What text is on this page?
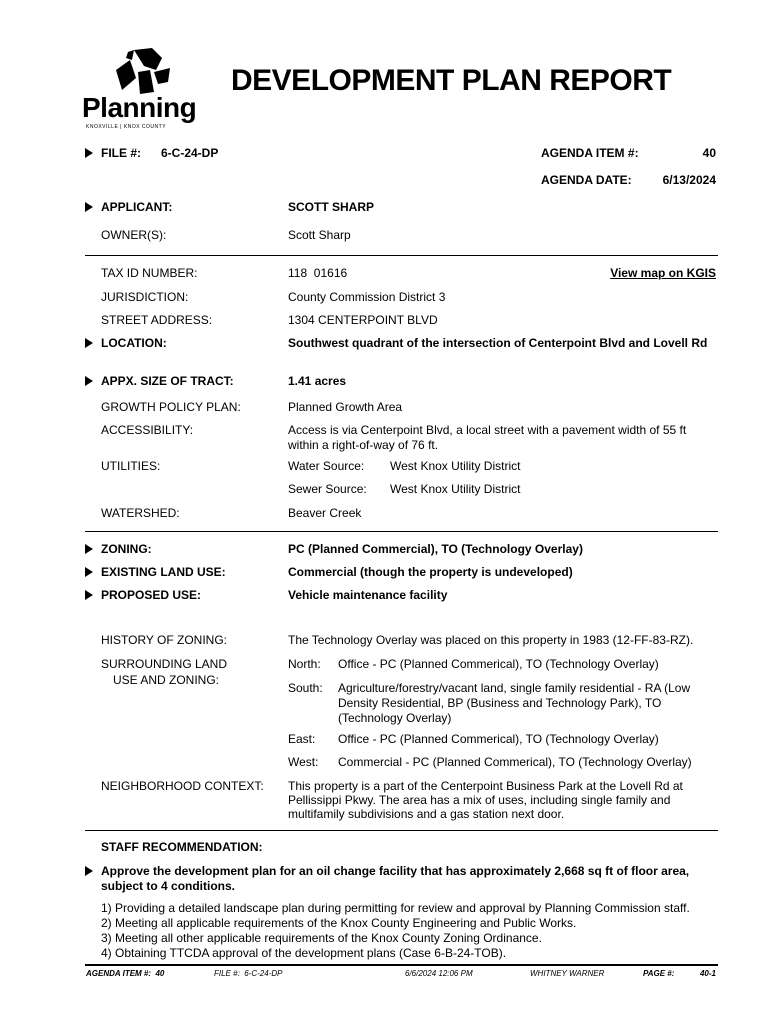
Planning
KNOXVILLE | KNOX COUNTY
DEVELOPMENT PLAN REPORT
FILE #: 6-C-24-DP	AGENDA ITEM #:	40
AGENDA DATE:	6/13/2024
APPLICANT:	SCOTT SHARP
OWNER(S):	Scott Sharp
TAX ID NUMBER:	118  01616	View map on KGIS
JURISDICTION:	County Commission District 3
STREET ADDRESS:	1304 CENTERPOINT BLVD
LOCATION:	Southwest quadrant of the intersection of Centerpoint Blvd and Lovell Rd
APPX. SIZE OF TRACT:	1.41 acres
GROWTH POLICY PLAN:	Planned Growth Area
ACCESSIBILITY:	Access is via Centerpoint Blvd, a local street with a pavement width of 55 ft within a right-of-way of 76 ft.
UTILITIES:	Water Source: West Knox Utility District
Sewer Source: West Knox Utility District
WATERSHED:	Beaver Creek
ZONING:	PC (Planned Commercial), TO (Technology Overlay)
EXISTING LAND USE:	Commercial (though the property is undeveloped)
PROPOSED USE:	Vehicle maintenance facility
HISTORY OF ZONING:	The Technology Overlay was placed on this property in 1983 (12-FF-83-RZ).
SURROUNDING LAND
USE AND ZONING:
North: Office - PC (Planned Commerical), TO (Technology Overlay)
South: Agriculture/forestry/vacant land, single family residential - RA (Low Density Residential, BP (Business and Technology Park), TO (Technology Overlay)
East: Office - PC (Planned Commerical), TO (Technology Overlay)
West: Commercial - PC (Planned Commerical), TO (Technology Overlay)
NEIGHBORHOOD CONTEXT: This property is a part of the Centerpoint Business Park at the Lovell Rd at Pellissippi Pkwy. The area has a mix of uses, including single family and multifamily subdivisions and a gas station next door.
STAFF RECOMMENDATION:
Approve the development plan for an oil change facility that has approximately 2,668 sq ft of floor area, subject to 4 conditions.
1) Providing a detailed landscape plan during permitting for review and approval by Planning Commission staff.
2) Meeting all applicable requirements of the Knox County Engineering and Public Works.
3) Meeting all other applicable requirements of the Knox County Zoning Ordinance.
4) Obtaining TTCDA approval of the development plans (Case 6-B-24-TOB).
AGENDA ITEM #:  40	FILE #:  6-C-24-DP	6/6/2024 12:06 PM	WHITNEY WARNER	PAGE #:	40-1
